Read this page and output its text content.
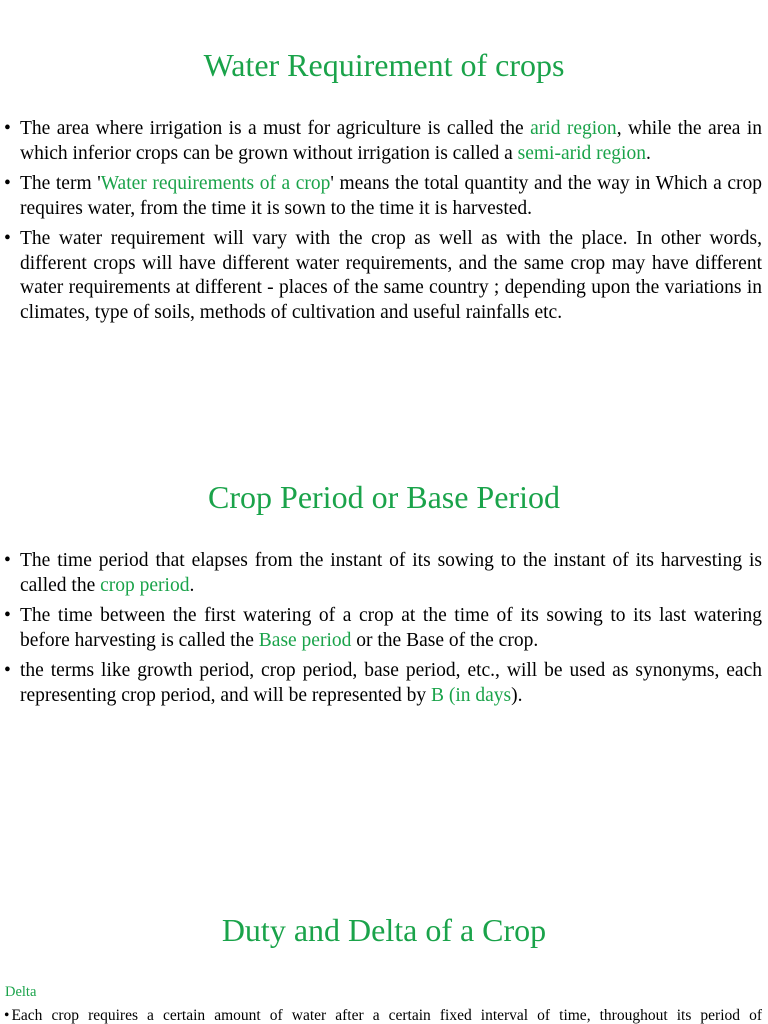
Water Requirement of crops
• The area where irrigation is a must for agriculture is called the arid region, while the area in which inferior crops can be grown without irrigation is called a semi-arid region.
• The term 'Water requirements of a crop' means the total quantity and the way in Which a crop requires water, from the time it is sown to the time it is harvested.
• The water requirement will vary with the crop as well as with the place. In other words, different crops will have different water requirements, and the same crop may have different water requirements at different - places of the same country ; depending upon the variations in climates, type of soils, methods of cultivation and useful rainfalls etc.
Crop Period or Base Period
• The time period that elapses from the instant of its sowing to the instant of its harvesting is called the crop period.
• The time between the first watering of a crop at the time of its sowing to its last watering before harvesting is called the Base period or the Base of the crop.
• the terms like growth period, crop period, base period, etc., will be used as synonyms, each representing crop period, and will be represented by B (in days).
Duty and Delta of a Crop
Delta
• Each crop requires a certain amount of water after a certain fixed interval of time, throughout its period of
